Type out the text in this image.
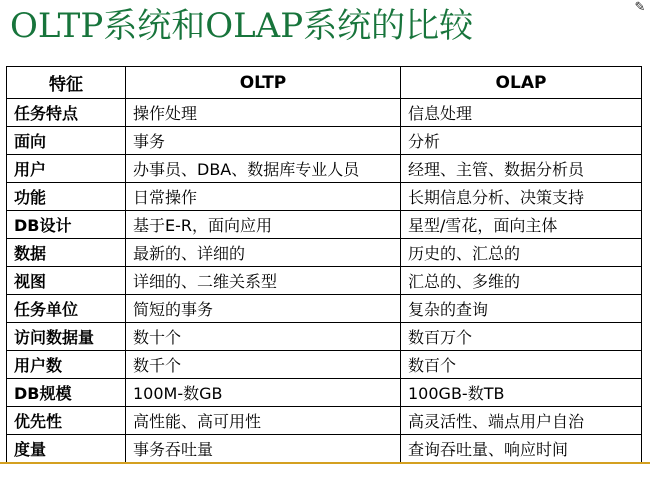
OLTP系统和OLAP系统的比较	✎
特征	OLTP	OLAP
任务特点	操作处理	信息处理
面向	事务	分析
用户	办事员、DBA、数据库专业人员	经理、主管、数据分析员
功能	日常操作	长期信息分析、决策支持
DB设计	基于E-R，面向应用	星型/雪花，面向主体
数据	最新的、详细的	历史的、汇总的
视图	详细的、二维关系型	汇总的、多维的
任务单位	简短的事务	复杂的查询
访问数据量	数十个	数百万个
用户数	数千个	数百个
DB规模	100M-数GB	100GB-数TB
优先性	高性能、高可用性	高灵活性、端点用户自治
度量	事务吞吐量	查询吞吐量、响应时间
